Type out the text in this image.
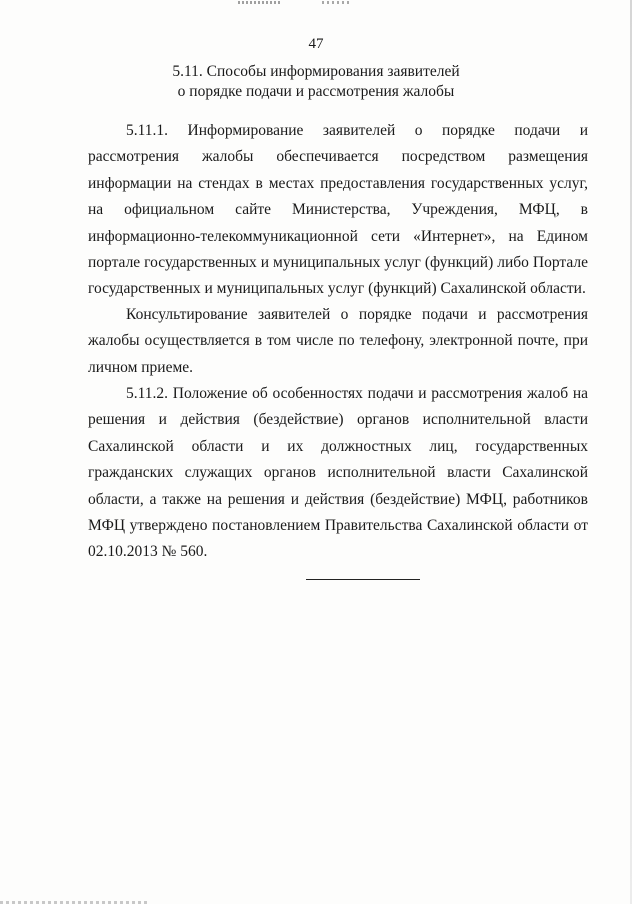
47
5.11. Способы информирования заявителей
о порядке подачи и рассмотрения жалобы

5.11.1. Информирование заявителей о порядке подачи и рассмотрения жалобы обеспечивается посредством размещения информации на стендах в местах предоставления государственных услуг, на официальном сайте Министерства, Учреждения, МФЦ, в информационно-телекоммуникационной сети «Интернет», на Едином портале государственных и муниципальных услуг (функций) либо Портале государственных и муниципальных услуг (функций) Сахалинской области.

Консультирование заявителей о порядке подачи и рассмотрения жалобы осуществляется в том числе по телефону, электронной почте, при личном приеме.

5.11.2. Положение об особенностях подачи и рассмотрения жалоб на решения и действия (бездействие) органов исполнительной власти Сахалинской области и их должностных лиц, государственных гражданских служащих органов исполнительной власти Сахалинской области, а также на решения и действия (бездействие) МФЦ, работников МФЦ утверждено постановлением Правительства Сахалинской области от 02.10.2013 № 560.
